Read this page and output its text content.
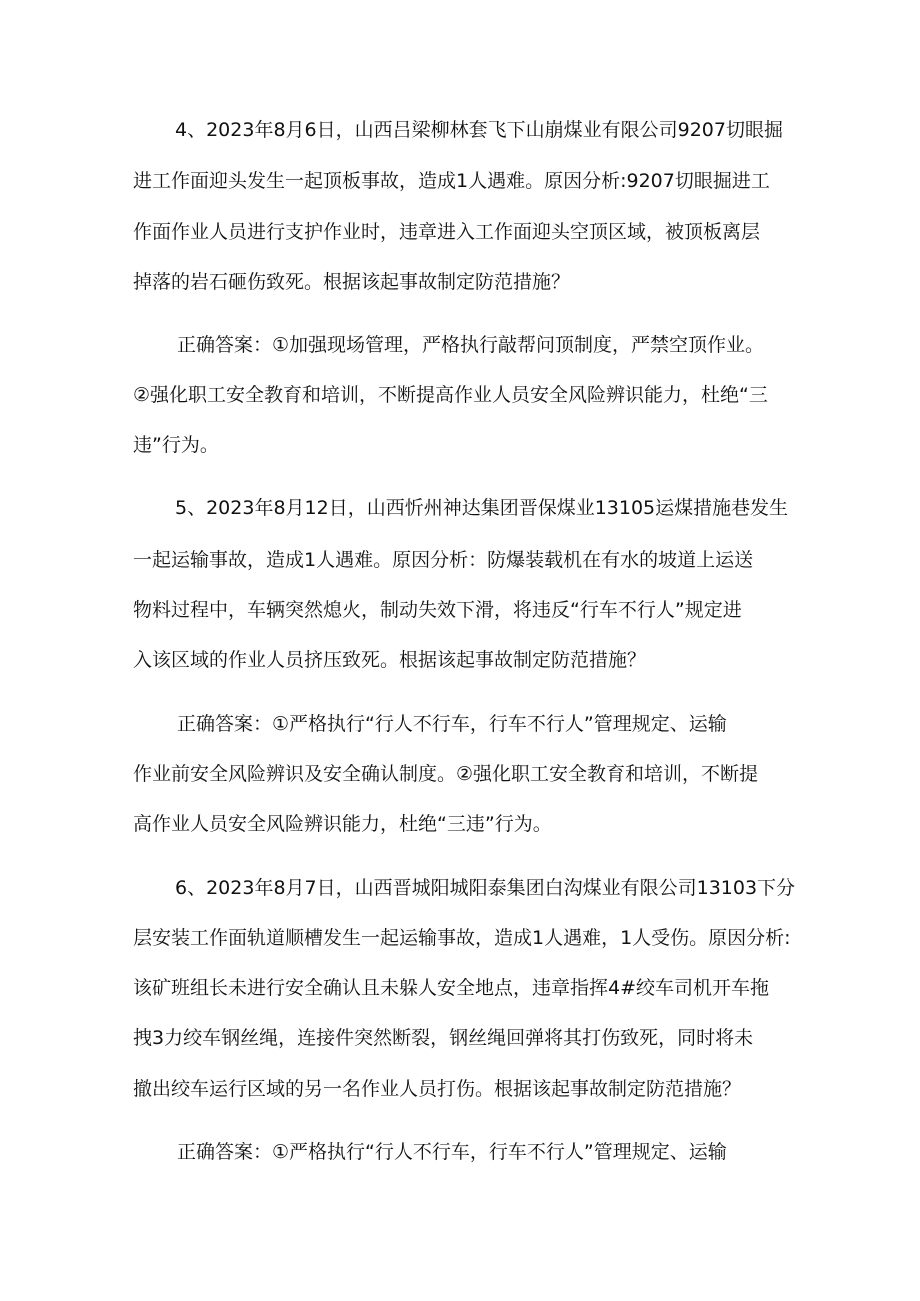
4、2023年8月6日，山西吕梁柳林套飞下山崩煤业有限公司9207切眼掘
进工作面迎头发生一起顶板事故，造成1人遇难。原因分析:9207切眼掘进工
作面作业人员进行支护作业时，违章进入工作面迎头空顶区域，被顶板离层
掉落的岩石砸伤致死。根据该起事故制定防范措施？
正确答案：①加强现场管理，严格执行敲帮问顶制度，严禁空顶作业。
②强化职工安全教育和培训，不断提高作业人员安全风险辨识能力，杜绝“三
违”行为。
5、2023年8月12日，山西忻州神达集团晋保煤业13105运煤措施巷发生
一起运输事故，造成1人遇难。原因分析：防爆装载机在有水的坡道上运送
物料过程中，车辆突然熄火，制动失效下滑，将违反“行车不行人”规定进
入该区域的作业人员挤压致死。根据该起事故制定防范措施？
正确答案：①严格执行“行人不行车，行车不行人”管理规定、运输
作业前安全风险辨识及安全确认制度。②强化职工安全教育和培训，不断提
高作业人员安全风险辨识能力，杜绝“三违”行为。
6、2023年8月7日，山西晋城阳城阳泰集团白沟煤业有限公司13103下分
层安装工作面轨道顺槽发生一起运输事故，造成1人遇难，1人受伤。原因分析:
该矿班组长未进行安全确认且未躲人安全地点，违章指挥4#绞车司机开车拖
拽3力绞车钢丝绳，连接件突然断裂，钢丝绳回弹将其打伤致死，同时将未
撤出绞车运行区域的另一名作业人员打伤。根据该起事故制定防范措施？
正确答案：①严格执行“行人不行车，行车不行人”管理规定、运输
